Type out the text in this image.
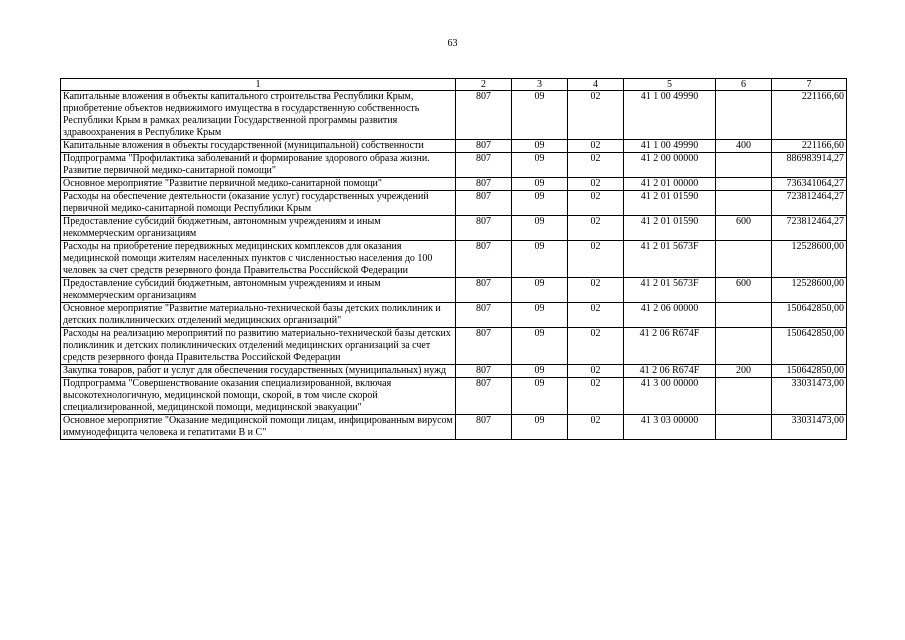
63
1	2	3	4	5	6	7
Капитальные вложения в объекты капитального строительства Республики Крым, приобретение объектов недвижимого имущества в государственную собственность Республики Крым в рамках реализации Государственной программы развития здравоохранения в Республике Крым	807	09	02	41 1 00 49990		221166,60
Капитальные вложения в объекты государственной (муниципальной) собственности	807	09	02	41 1 00 49990	400	221166,60
Подпрограмма "Профилактика заболеваний и формирование здорового образа жизни. Развитие первичной медико-санитарной помощи"	807	09	02	41 2 00 00000		886983914,27
Основное мероприятие "Развитие первичной медико-санитарной помощи"	807	09	02	41 2 01 00000		736341064,27
Расходы на обеспечение деятельности (оказание услуг) государственных учреждений первичной медико-санитарной помощи Республики Крым	807	09	02	41 2 01 01590		723812464,27
Предоставление субсидий бюджетным, автономным учреждениям и иным некоммерческим организациям	807	09	02	41 2 01 01590	600	723812464,27
Расходы на приобретение передвижных медицинских комплексов для оказания медицинской помощи жителям населенных пунктов с численностью населения до 100 человек за счет средств резервного фонда Правительства Российской Федерации	807	09	02	41 2 01 5673F		12528600,00
Предоставление субсидий бюджетным, автономным учреждениям и иным некоммерческим организациям	807	09	02	41 2 01 5673F	600	12528600,00
Основное мероприятие "Развитие материально-технической базы детских поликлиник и детских поликлинических отделений медицинских организаций"	807	09	02	41 2 06 00000		150642850,00
Расходы на реализацию мероприятий по развитию материально-технической базы детских поликлиник и детских поликлинических отделений медицинских организаций за счет средств резервного фонда Правительства Российской Федерации	807	09	02	41 2 06 R674F		150642850,00
Закупка товаров, работ и услуг для обеспечения государственных (муниципальных) нужд	807	09	02	41 2 06 R674F	200	150642850,00
Подпрограмма "Совершенствование оказания специализированной, включая высокотехнологичную, медицинской помощи, скорой, в том числе скорой специализированной, медицинской помощи, медицинской эвакуации"	807	09	02	41 3 00 00000		33031473,00
Основное мероприятие "Оказание медицинской помощи лицам, инфицированным вирусом иммунодефицита человека и гепатитами В и С"	807	09	02	41 3 03 00000		33031473,00
